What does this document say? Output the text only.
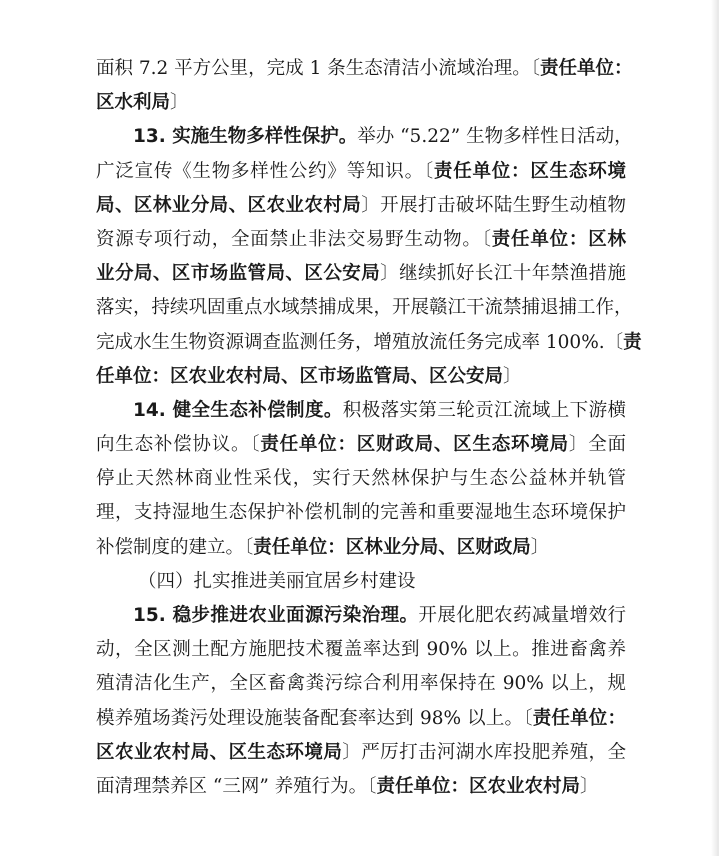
面积 7.2 平方公里，完成 1 条生态清洁小流域治理。〔责任单位：
区水利局〕
13. 实施生物多样性保护。举办 “5.22” 生物多样性日活动，
广泛宣传《生物多样性公约》等知识。〔责任单位：区生态环境
局、区林业分局、区农业农村局〕开展打击破坏陆生野生动植物
资源专项行动，全面禁止非法交易野生动物。〔责任单位：区林
业分局、区市场监管局、区公安局〕继续抓好长江十年禁渔措施
落实，持续巩固重点水域禁捕成果，开展赣江干流禁捕退捕工作，
完成水生生物资源调查监测任务，增殖放流任务完成率 100%.〔责
任单位：区农业农村局、区市场监管局、区公安局〕
14. 健全生态补偿制度。积极落实第三轮贡江流域上下游横
向生态补偿协议。〔责任单位：区财政局、区生态环境局〕全面
停止天然林商业性采伐，实行天然林保护与生态公益林并轨管
理，支持湿地生态保护补偿机制的完善和重要湿地生态环境保护
补偿制度的建立。〔责任单位：区林业分局、区财政局〕
（四）扎实推进美丽宜居乡村建设
15. 稳步推进农业面源污染治理。开展化肥农药减量增效行
动，全区测土配方施肥技术覆盖率达到 90% 以上。推进畜禽养
殖清洁化生产，全区畜禽粪污综合利用率保持在 90% 以上，规
模养殖场粪污处理设施装备配套率达到 98% 以上。〔责任单位：
区农业农村局、区生态环境局〕严厉打击河湖水库投肥养殖，全
面清理禁养区 “三网” 养殖行为。〔责任单位：区农业农村局〕
